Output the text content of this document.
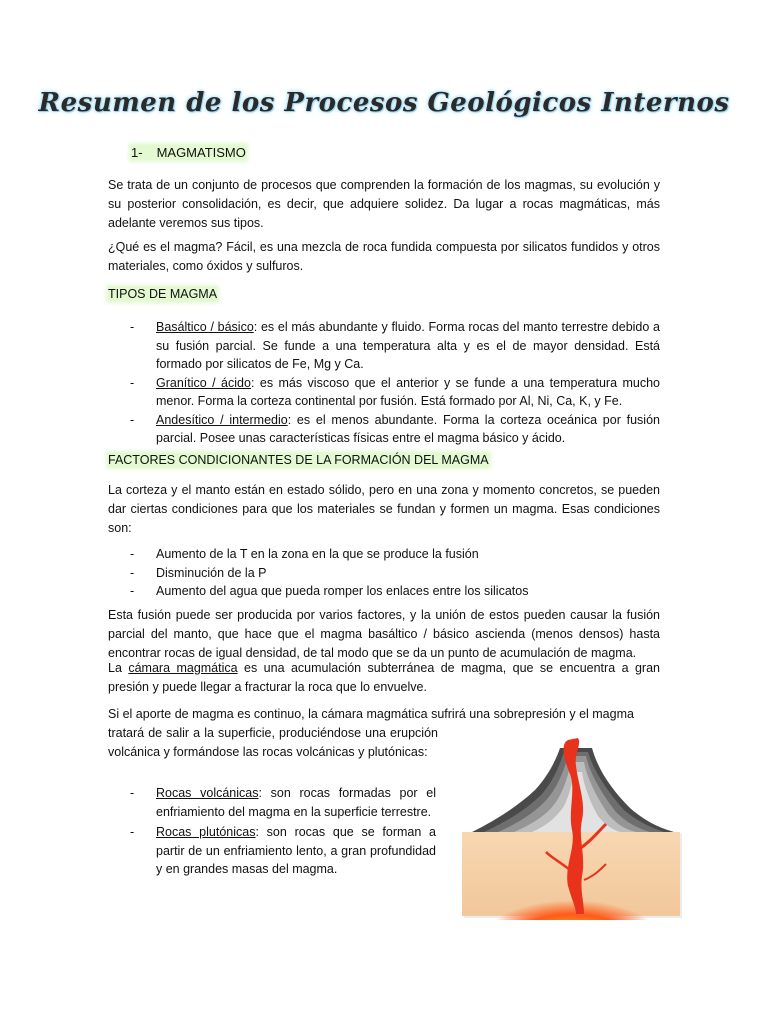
Resumen de los Procesos Geológicos Internos
1- MAGMATISMO

Se trata de un conjunto de procesos que comprenden la formación de los magmas, su evolución y su posterior consolidación, es decir, que adquiere solidez. Da lugar a rocas magmáticas, más adelante veremos sus tipos.

¿Qué es el magma? Fácil, es una mezcla de roca fundida compuesta por silicatos fundidos y otros materiales, como óxidos y sulfuros.

TIPOS DE MAGMA
- Basáltico / básico: es el más abundante y fluido. Forma rocas del manto terrestre debido a su fusión parcial. Se funde a una temperatura alta y es el de mayor densidad. Está formado por silicatos de Fe, Mg y Ca.
- Granítico / ácido: es más viscoso que el anterior y se funde a una temperatura mucho menor. Forma la corteza continental por fusión. Está formado por Al, Ni, Ca, K, y Fe.
- Andesítico / intermedio: es el menos abundante. Forma la corteza oceánica por fusión parcial. Posee unas características físicas entre el magma básico y ácido.
FACTORES CONDICIONANTES DE LA FORMACIÓN DEL MAGMA

La corteza y el manto están en estado sólido, pero en una zona y momento concretos, se pueden dar ciertas condiciones para que los materiales se fundan y formen un magma. Esas condiciones son:

- Aumento de la T en la zona en la que se produce la fusión
- Disminución de la P
- Aumento del agua que pueda romper los enlaces entre los silicatos

Esta fusión puede ser producida por varios factores, y la unión de estos pueden causar la fusión parcial del manto, que hace que el magma basáltico / básico ascienda (menos densos) hasta encontrar rocas de igual densidad, de tal modo que se da un punto de acumulación de magma.

La cámara magmática es una acumulación subterránea de magma, que se encuentra a gran presión y puede llegar a fracturar la roca que lo envuelve.

Si el aporte de magma es continuo, la cámara magmática sufrirá una sobrepresión y el magma

tratará de salir a la superficie, produciéndose una erupción volcánica y formándose las rocas volcánicas y plutónicas:

- Rocas volcánicas: son rocas formadas por el enfriamiento del magma en la superficie terrestre.
- Rocas plutónicas: son rocas que se forman a partir de un enfriamiento lento, a gran profundidad y en grandes masas del magma.
